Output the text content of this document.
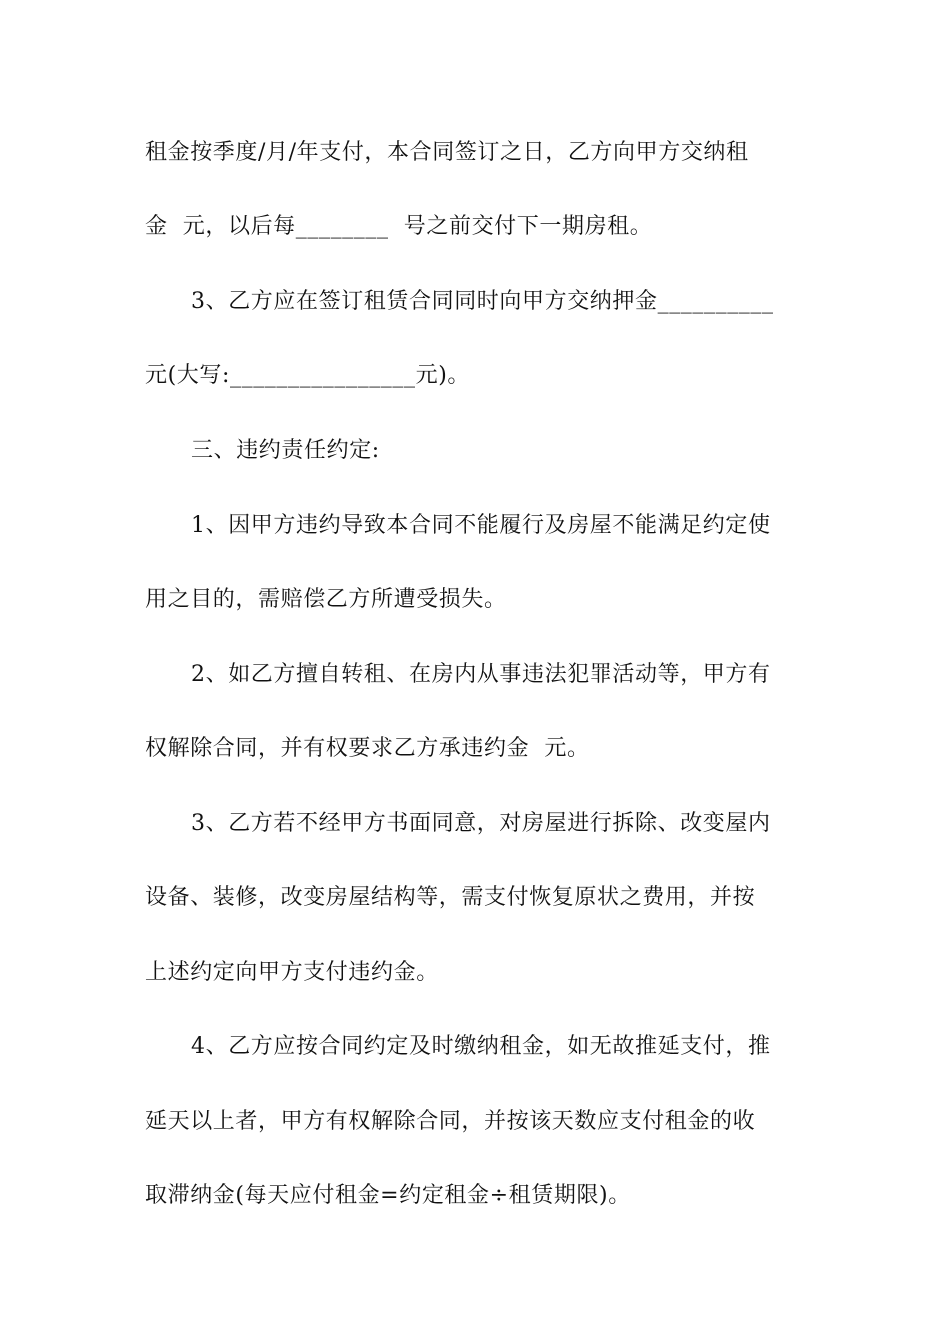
租金按季度/月/年支付，本合同签订之日，乙方向甲方交纳租
金  元，以后每________  号之前交付下一期房租。
3、乙方应在签订租赁合同同时向甲方交纳押金__________
元(大写:________________元)。
三、违约责任约定:
1、因甲方违约导致本合同不能履行及房屋不能满足约定使
用之目的，需赔偿乙方所遭受损失。
2、如乙方擅自转租、在房内从事违法犯罪活动等，甲方有
权解除合同，并有权要求乙方承违约金  元。
3、乙方若不经甲方书面同意，对房屋进行拆除、改变屋内
设备、装修，改变房屋结构等，需支付恢复原状之费用，并按
上述约定向甲方支付违约金。
4、乙方应按合同约定及时缴纳租金，如无故推延支付，推
延天以上者，甲方有权解除合同，并按该天数应支付租金的收
取滞纳金(每天应付租金=约定租金÷租赁期限)。
